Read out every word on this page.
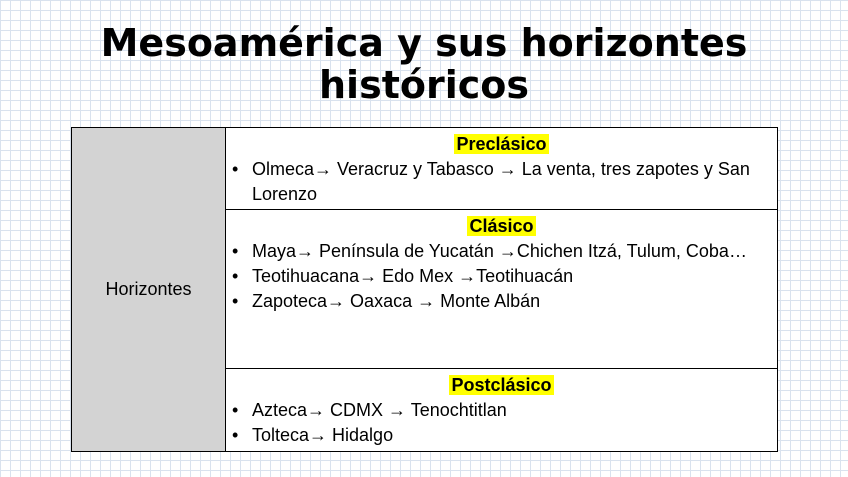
Mesoamérica y sus horizontes
históricos
Horizontes	
Preclásico
• Olmeca→ Veracruz y Tabasco → La venta, tres zapotes y San Lorenzo

Clásico
• Maya→ Península de Yucatán →Chichen Itzá, Tulum, Coba…
• Teotihuacana→ Edo Mex →Teotihuacán
• Zapoteca→ Oaxaca → Monte Albán

Postclásico
• Azteca→ CDMX → Tenochtitlan
• Tolteca→ Hidalgo
